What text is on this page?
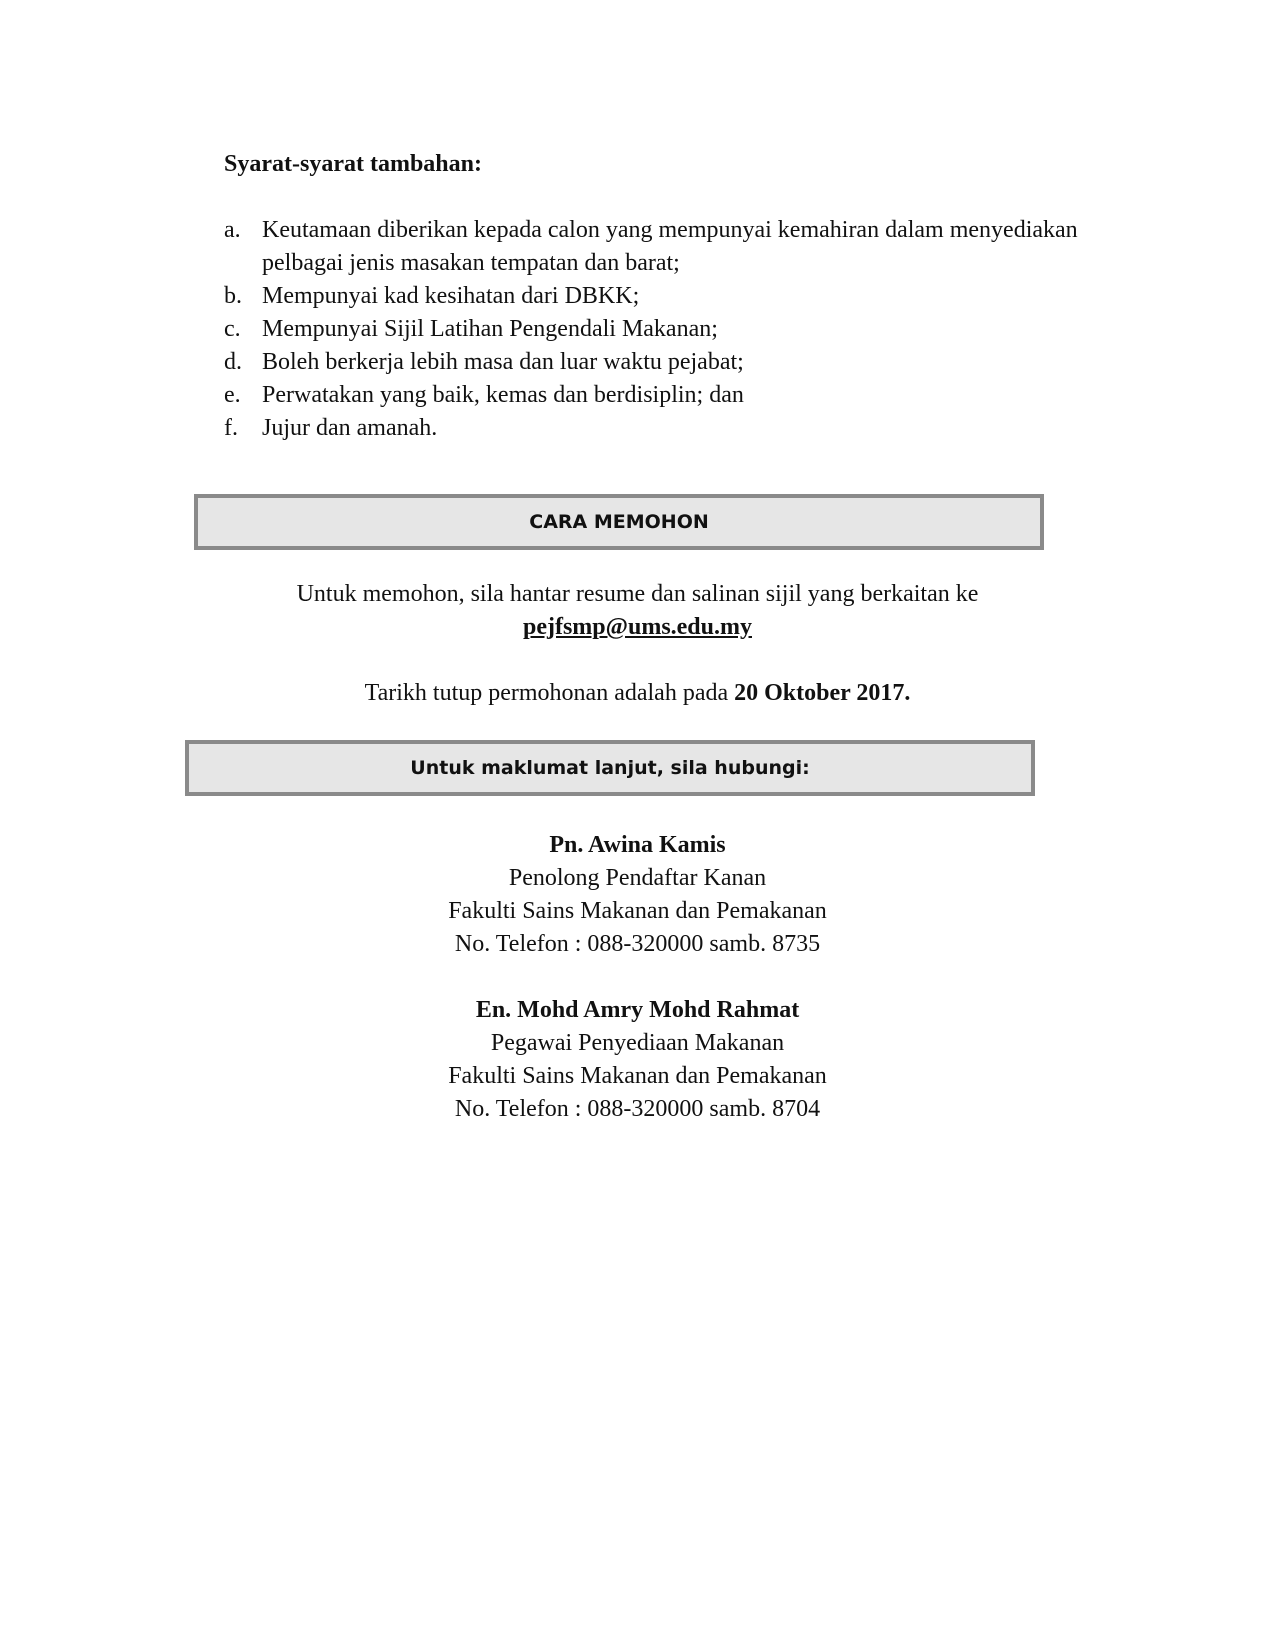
Syarat-syarat tambahan:
a. Keutamaan diberikan kepada calon yang mempunyai kemahiran dalam menyediakan pelbagai jenis masakan tempatan dan barat;
b. Mempunyai kad kesihatan dari DBKK;
c. Mempunyai Sijil Latihan Pengendali Makanan;
d. Boleh berkerja lebih masa dan luar waktu pejabat;
e. Perwatakan yang baik, kemas dan berdisiplin; dan
f.	Jujur dan amanah.
CARA MEMOHON
Untuk memohon, sila hantar resume dan salinan sijil yang berkaitan ke
pejfsmp@ums.edu.my
Tarikh tutup permohonan adalah pada 20 Oktober 2017.
Untuk maklumat lanjut, sila hubungi:
Pn. Awina Kamis
Penolong Pendaftar Kanan
Fakulti Sains Makanan dan Pemakanan
No. Telefon : 088-320000 samb. 8735
En. Mohd Amry Mohd Rahmat
Pegawai Penyediaan Makanan
Fakulti Sains Makanan dan Pemakanan
No. Telefon : 088-320000 samb. 8704
